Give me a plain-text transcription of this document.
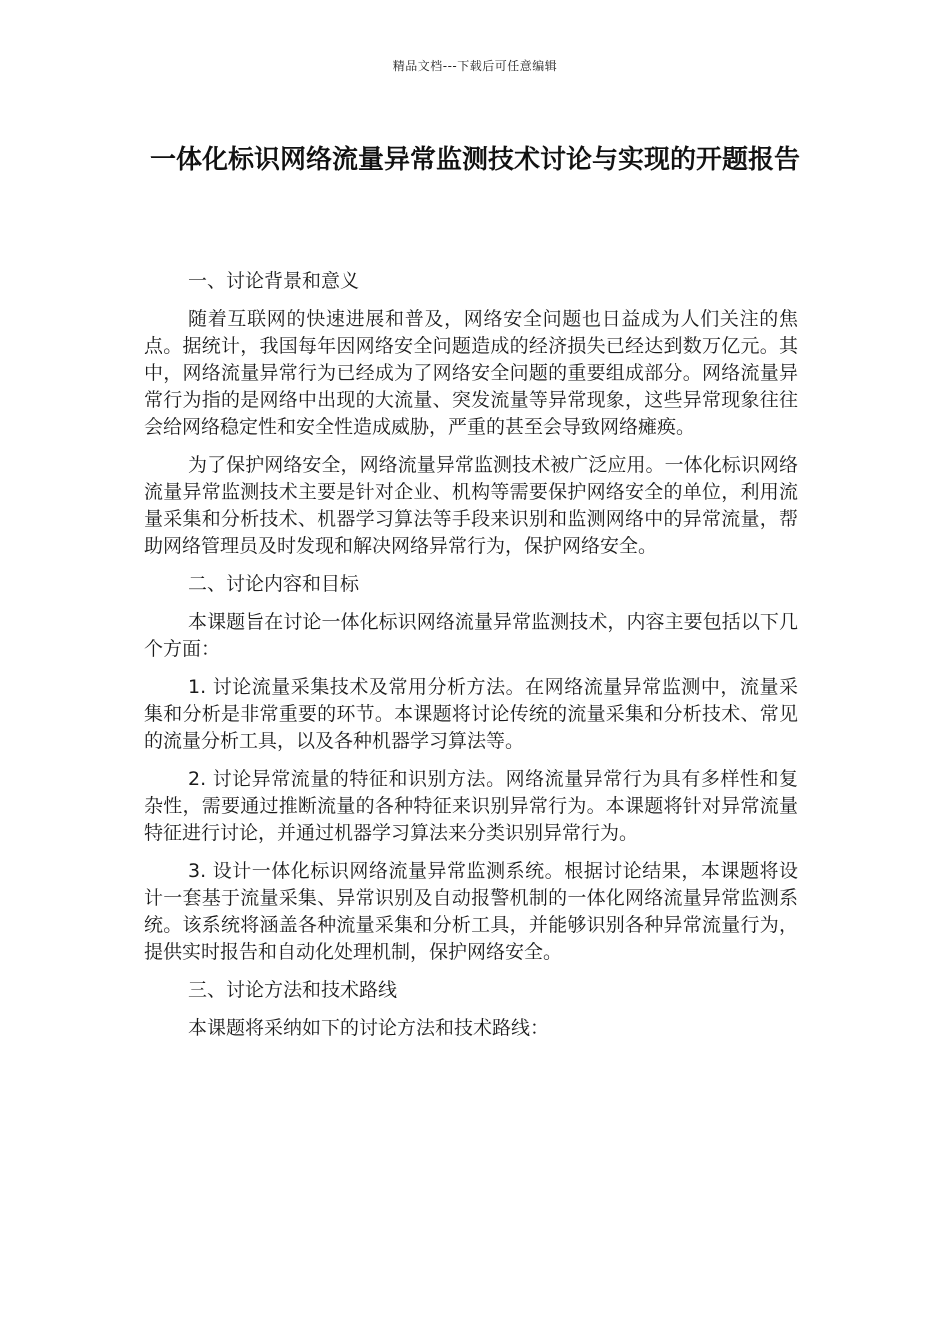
精品文档---下载后可任意编辑
一体化标识网络流量异常监测技术讨论与实现的开题报告

一、讨论背景和意义

随着互联网的快速进展和普及，网络安全问题也日益成为人们关注的焦点。据统计，我国每年因网络安全问题造成的经济损失已经达到数万亿元。其中，网络流量异常行为已经成为了网络安全问题的重要组成部分。网络流量异常行为指的是网络中出现的大流量、突发流量等异常现象，这些异常现象往往会给网络稳定性和安全性造成威胁，严重的甚至会导致网络瘫痪。

为了保护网络安全，网络流量异常监测技术被广泛应用。一体化标识网络流量异常监测技术主要是针对企业、机构等需要保护网络安全的单位，利用流量采集和分析技术、机器学习算法等手段来识别和监测网络中的异常流量，帮助网络管理员及时发现和解决网络异常行为，保护网络安全。

二、讨论内容和目标

本课题旨在讨论一体化标识网络流量异常监测技术，内容主要包括以下几个方面：

1. 讨论流量采集技术及常用分析方法。在网络流量异常监测中，流量采集和分析是非常重要的环节。本课题将讨论传统的流量采集和分析技术、常见的流量分析工具，以及各种机器学习算法等。

2. 讨论异常流量的特征和识别方法。网络流量异常行为具有多样性和复杂性，需要通过推断流量的各种特征来识别异常行为。本课题将针对异常流量特征进行讨论，并通过机器学习算法来分类识别异常行为。

3. 设计一体化标识网络流量异常监测系统。根据讨论结果，本课题将设计一套基于流量采集、异常识别及自动报警机制的一体化网络流量异常监测系统。该系统将涵盖各种流量采集和分析工具，并能够识别各种异常流量行为，提供实时报告和自动化处理机制，保护网络安全。

三、讨论方法和技术路线

本课题将采纳如下的讨论方法和技术路线：
